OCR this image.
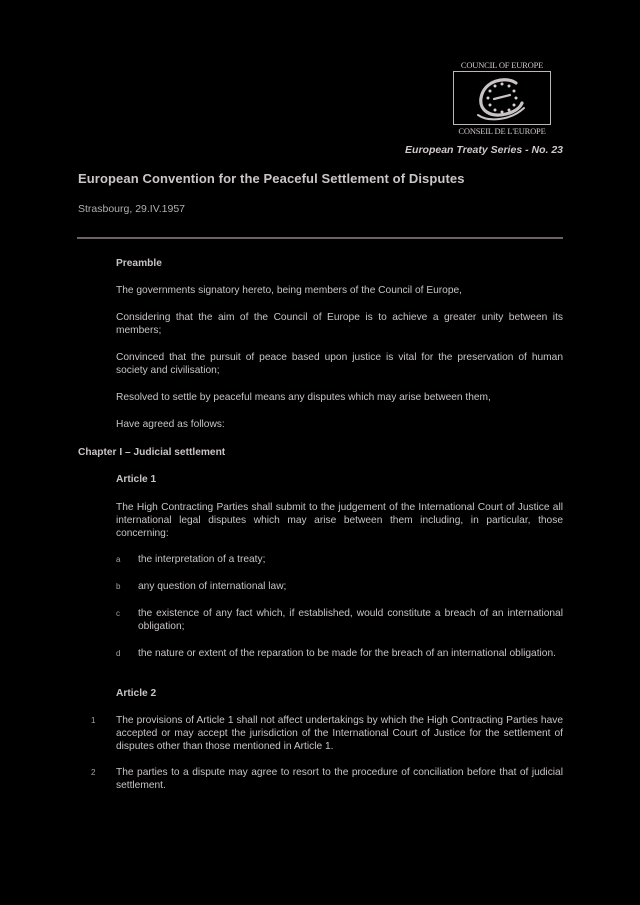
COUNCIL OF EUROPE
CONSEIL DE L'EUROPE
European Treaty Series - No. 23
European Convention for the Peaceful Settlement of Disputes
Strasbourg, 29.IV.1957
Preamble
The governments signatory hereto, being members of the Council of Europe,
Considering that the aim of the Council of Europe is to achieve a greater unity between its members;
Convinced that the pursuit of peace based upon justice is vital for the preservation of human society and civilisation;
Resolved to settle by peaceful means any disputes which may arise between them,
Have agreed as follows:
Chapter I – Judicial settlement
Article 1
The High Contracting Parties shall submit to the judgement of the International Court of Justice all international legal disputes which may arise between them including, in particular, those concerning:
a the interpretation of a treaty;
b any question of international law;
c the existence of any fact which, if established, would constitute a breach of an international obligation;
d the nature or extent of the reparation to be made for the breach of an international obligation.
Article 2
1 The provisions of Article 1 shall not affect undertakings by which the High Contracting Parties have accepted or may accept the jurisdiction of the International Court of Justice for the settlement of disputes other than those mentioned in Article 1.
2 The parties to a dispute may agree to resort to the procedure of conciliation before that of judicial settlement.
